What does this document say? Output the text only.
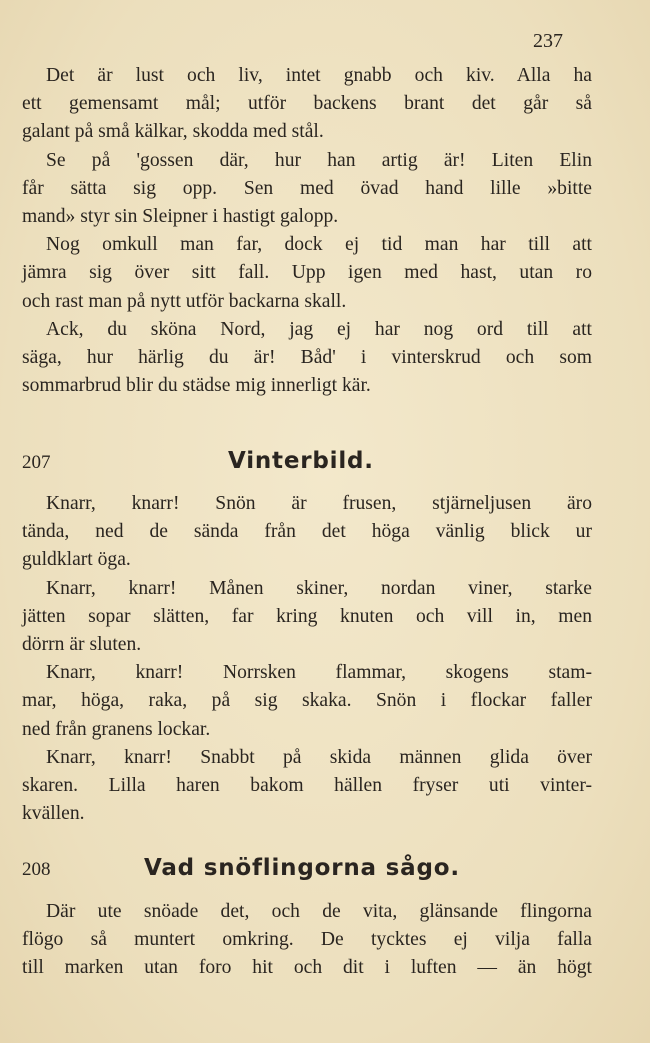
237
Det är lust och liv, intet gnabb och kiv. Alla ha
ett gemensamt mål; utför backens brant det går så
galant på små kälkar, skodda med stål.
Se på 'gossen där, hur han artig är! Liten Elin
får sätta sig opp. Sen med övad hand lille »bitte
mand» styr sin Sleipner i hastigt galopp.
Nog omkull man far, dock ej tid man har till att
jämra sig över sitt fall. Upp igen med hast, utan ro
och rast man på nytt utför backarna skall.
Ack, du sköna Nord, jag ej har nog ord till att
säga, hur härlig du är! Båd' i vinterskrud och som
sommarbrud blir du städse mig innerligt kär.
207	Vinterbild.
Knarr, knarr! Snön är frusen, stjärneljusen äro
tända, ned de sända från det höga vänlig blick ur
guldklart öga.
Knarr, knarr! Månen skiner, nordan viner, starke
jätten sopar slätten, far kring knuten och vill in, men
dörrn är sluten.
Knarr, knarr! Norrsken flammar, skogens stam-
mar, höga, raka, på sig skaka. Snön i flockar faller
ned från granens lockar.
Knarr, knarr! Snabbt på skida männen glida över
skaren. Lilla haren bakom hällen fryser uti vinter-
kvällen.
208	Vad snöflingorna sågo.
Där ute snöade det, och de vita, glänsande flingorna
flögo så muntert omkring. De tycktes ej vilja falla
till marken utan foro hit och dit i luften — än högt
